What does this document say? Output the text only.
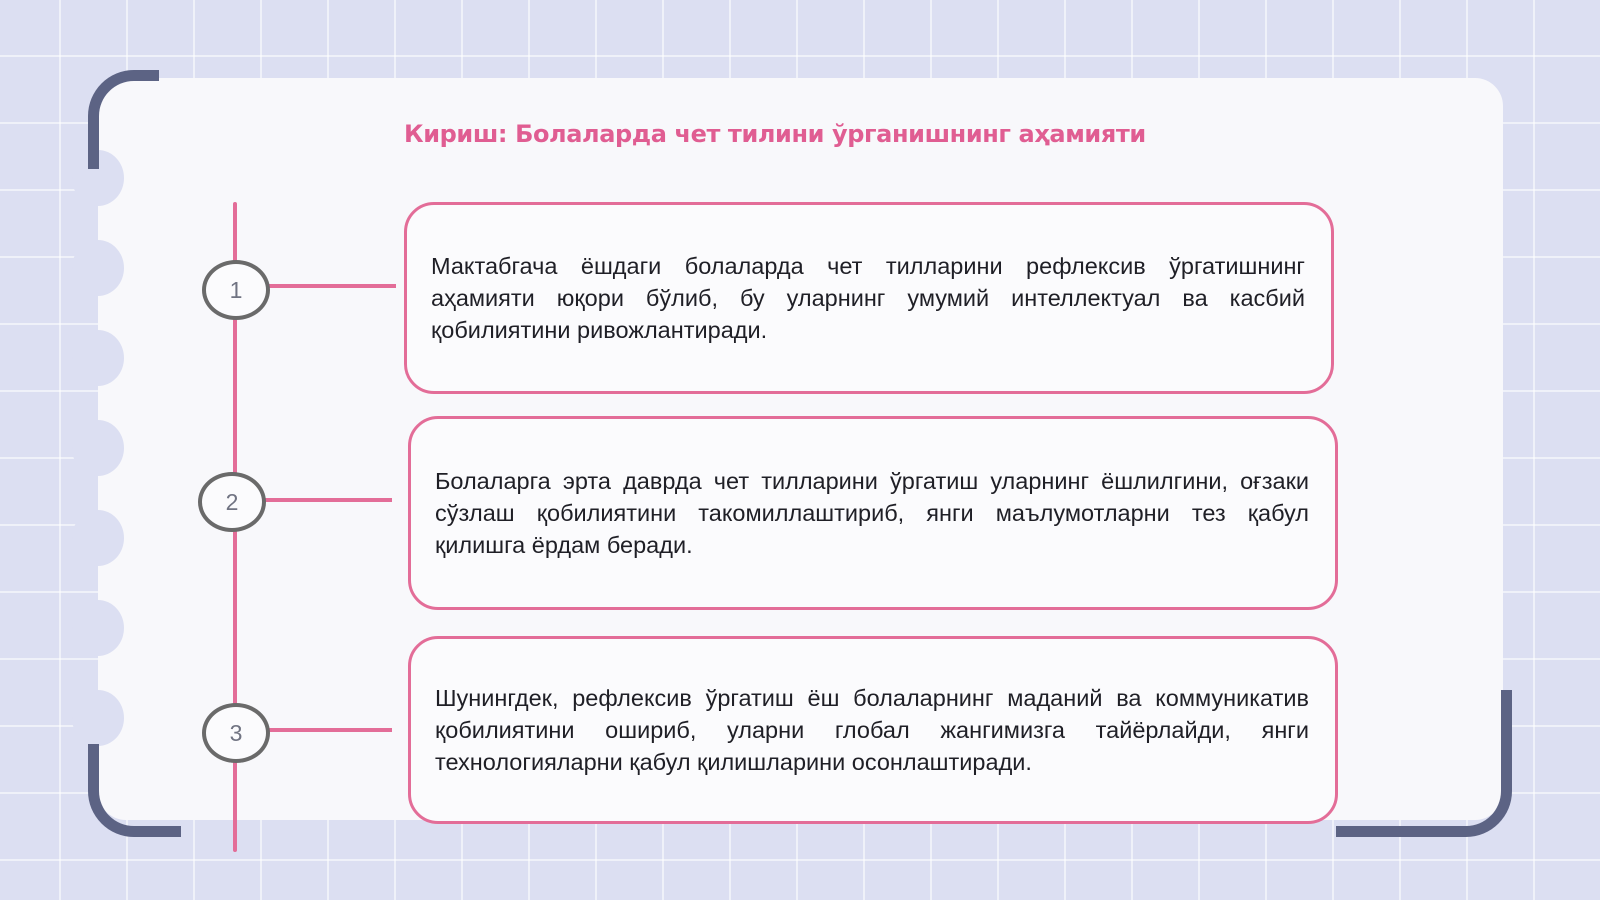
Кириш: Болаларда чет тилини ўрганишнинг аҳамияти
1
2
3

Мактабгача ёшдаги болаларда чет тилларини рефлексив ўргатишнинг аҳамияти юқори бўлиб, бу уларнинг умумий интеллектуал ва касбий қобилиятини ривожлантиради.

Болаларга эрта даврда чет тилларини ўргатиш уларнинг ёшлилгини, оғзаки сўзлаш қобилиятини такомиллаштириб, янги маълумотларни тез қабул қилишга ёрдам беради.

Шунингдек, рефлексив ўргатиш ёш болаларнинг маданий ва коммуникатив қобилиятини ошириб, уларни глобал жангимизга тайёрлайди, янги технологияларни қабул қилишларини осонлаштиради.
